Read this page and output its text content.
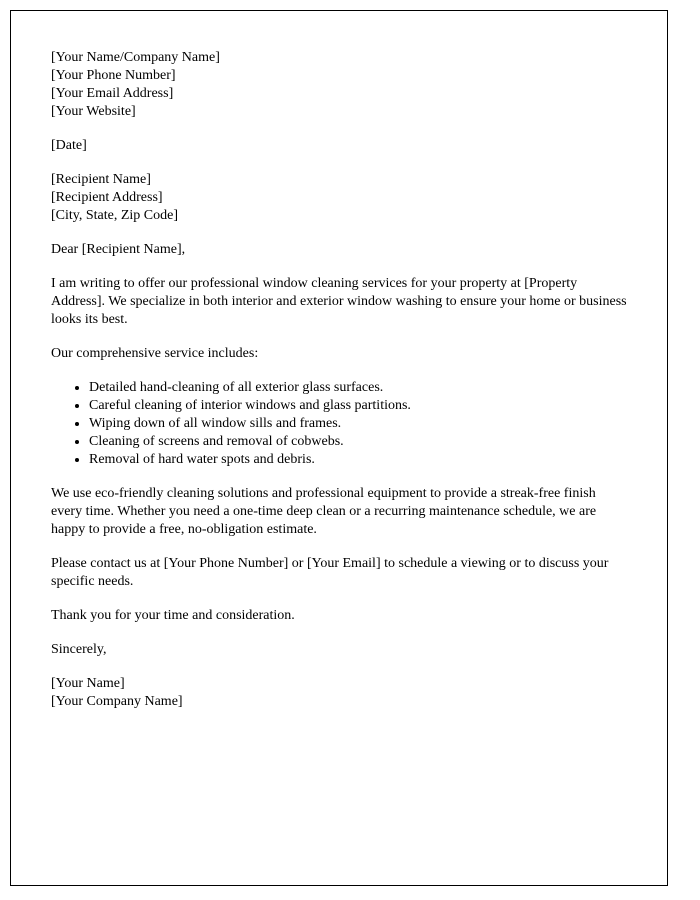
[Your Name/Company Name]
[Your Phone Number]
[Your Email Address]
[Your Website]
[Date]
[Recipient Name]
[Recipient Address]
[City, State, Zip Code]

Dear [Recipient Name],

I am writing to offer our professional window cleaning services for your property at [Property Address]. We specialize in both interior and exterior window washing to ensure your home or business looks its best.

Our comprehensive service includes:

• Detailed hand-cleaning of all exterior glass surfaces.
• Careful cleaning of interior windows and glass partitions.
• Wiping down of all window sills and frames.
• Cleaning of screens and removal of cobwebs.
• Removal of hard water spots and debris.

We use eco-friendly cleaning solutions and professional equipment to provide a streak-free finish every time. Whether you need a one-time deep clean or a recurring maintenance schedule, we are happy to provide a free, no-obligation estimate.

Please contact us at [Your Phone Number] or [Your Email] to schedule a viewing or to discuss your specific needs.

Thank you for your time and consideration.

Sincerely,

[Your Name]
[Your Company Name]
